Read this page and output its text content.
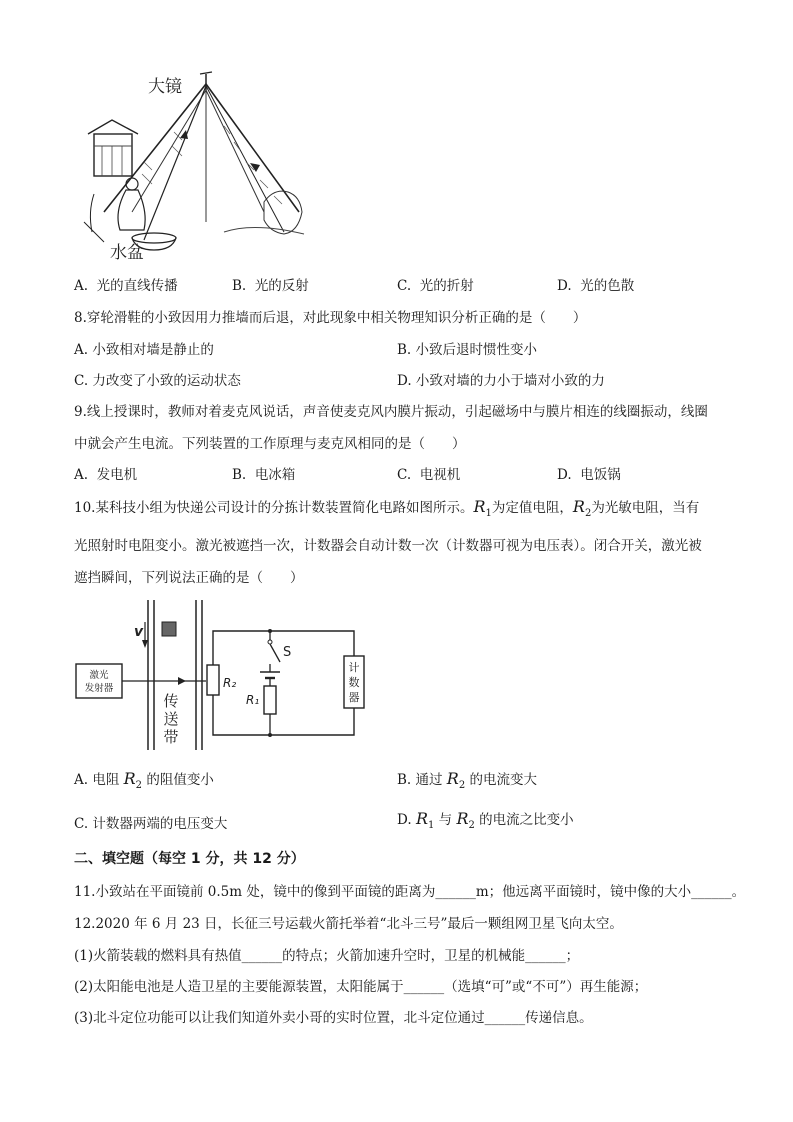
大镜
水盆
A. 光的直线传播	B. 光的反射	C. 光的折射	D. 光的色散
8.穿轮滑鞋的小致因用力推墙而后退，对此现象中相关物理知识分析正确的是（　　）
A. 小致相对墙是静止的	B. 小致后退时惯性变小
C. 力改变了小致的运动状态	D. 小致对墙的力小于墙对小致的力
9.线上授课时，教师对着麦克风说话，声音使麦克风内膜片振动，引起磁场中与膜片相连的线圈振动，线圈
中就会产生电流。下列装置的工作原理与麦克风相同的是（　　）
A. 发电机	B. 电冰箱	C. 电视机	D. 电饭锅
10.某科技小组为快递公司设计的分拣计数装置简化电路如图所示。$R_1$为定值电阻，$R_2$为光敏电阻，当有
光照射时电阻变小。激光被遮挡一次，计数器会自动计数一次（计数器可视为电压表）。闭合开关，激光被
遮挡瞬间，下列说法正确的是（　　）
激光
发射器
v
传
送
带
R₂
S
R₁
计
数
器
A. 电阻 $R_2$ 的阻值变小	B. 通过 $R_2$ 的电流变大
C. 计数器两端的电压变大	D. $R_1$ 与 $R_2$ 的电流之比变小
二、填空题（每空 1 分，共 12 分）
11.小致站在平面镜前 0.5m 处，镜中的像到平面镜的距离为______m；他远离平面镜时，镜中像的大小______。
12.2020 年 6 月 23 日，长征三号运载火箭托举着“北斗三号”最后一颗组网卫星飞向太空。
(1)火箭装载的燃料具有热值______的特点；火箭加速升空时，卫星的机械能______；
(2)太阳能电池是人造卫星的主要能源装置，太阳能属于______（选填“可”或“不可”）再生能源；
(3)北斗定位功能可以让我们知道外卖小哥的实时位置，北斗定位通过______传递信息。
